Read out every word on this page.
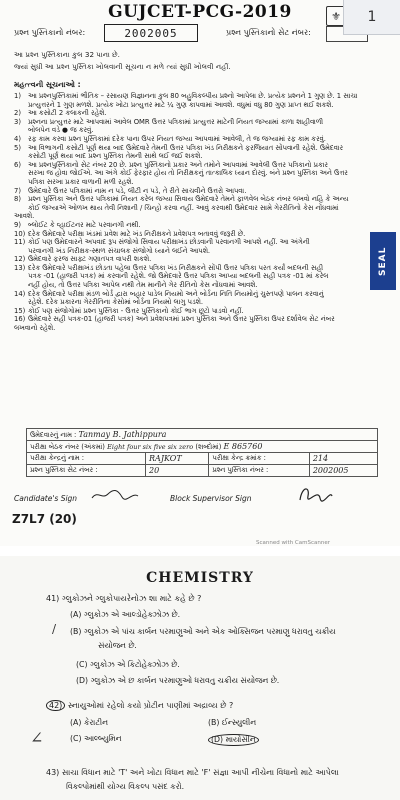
GUJCET-PCG-2019	⚜
પ્રશ્ન પુસ્તિકાનો નંબર:	2002005	પ્રશ્ન પુસ્તિકાનો સેટ નંબર:
આ પ્રશ્ન પુસ્તિકાના કુલ 32 પાના છે.
જ્યાં સુધી આ પ્રશ્ન પુસ્તિકા ખોલવાની સૂચના ન મળે ત્યાં સુધી ખોલવી નહીં.
મહત્ત્વની સૂચનાઓ :
1) આ પ્રશ્નપુસ્તિકામાં ભૌતિક – રસાયણ વિજ્ઞાનના કુલ 80 બહુવિકલ્પીય પ્રશ્નો આપેલા છે. પ્રત્યેક પ્રશ્નને 1 ગુણ છે. 1 સાચા
પ્રત્યુત્તરને 1 ગુણ મળશે. પ્રત્યેક ખોટા પ્રત્યુત્તર માટે ¼ ગુણ કાપવામાં આવશે. વધુમાં વધુ 80 ગુણ પ્રાપ્ત થઈ શકશે.
2) આ કસોટી 2 કલાકની રહેશે.
3) પ્રશ્નના પ્રત્યુત્તર માટે આપવામાં આવેલ OMR ઉત્તર પત્રિકામાં પ્રત્યુત્તર માટેની નિયત જગ્યામાં કાળા શાહીવાળી
બોલપેન વડે ● જ કરવું.
4) રફ કામ કરવા પ્રશ્ન પુસ્તિકામાં દરેક પાના ઉપર નિયત જગ્યા આપવામાં આવેલી, તે જ જગ્યામાં રફ કામ કરવું.
5) આ વિભાગની કસોટી પૂર્ણ થયા બાદ ઉમેદવારે તેમની ઉત્તર પત્રિકા ખંડ નિરીક્ષકને ફરજિયાત સોંપવાની રહેશે. ઉમેદવાર
કસોટી પૂર્ણ થયા બાદ પ્રશ્ન પુસ્તિકા તેમની સાથે લઈ જઈ શકશે.
6) આ પ્રશ્નપુસ્તિકાનો સેટ નંબર 20 છે. પ્રશ્ન પુસ્તિકાનો પ્રકાર અને તમોને આપવામાં આવેલી ઉત્તર પત્રિકાનો પ્રકાર
સરખા જ હોવા જોઈએ. આ અંગે કોઈ ફેરફાર હોય તો નિરીક્ષકનું તાત્કાલિક ધ્યાન દોરવું. બંને પ્રશ્ન પુસ્તિકા અને ઉત્તર
પત્રિકા સરખા પ્રકાર વાળાની મળી રહશે.
7) ઉમેદવારે ઉત્તર પત્રિકામાં નામ ન પડે, લીટી ન પડે, તે રીતે સાચવીને ઉત્તરો આપવા.
8) પ્રશ્ન પુસ્તિકા અને ઉત્તર પત્રિકામાં નિયત કરેલ જગ્યા સિવાય ઉમેદવારે તેમને ફાળવેલ બેઠક નંબર લખવો નહિ કે અન્ય
કોઈ જગ્યાએ ઓળખ થાય તેવી નિશાની / ચિન્હો કરવા નહીં. આવું કરવાથી ઉમેદવાર સામે ગેરરીતિનો કેસ નોંધવામાં આવશે.
9) બ્લોઈટ કે વ્હાઈટનર માટે પરવાનગી નથી.
10) દરેક ઉમેદવારે પરીક્ષા ખંડમાં પ્રવેશ માટે ખંડ નિરીક્ષકને પ્રવેશપત્ર બતાવવું જરૂરી છે.
11) કોઈ પણ ઉમેદવારને અપવાદ રૂપ સંજોગો સિવાય પરીક્ષાખંડ છોડવાની પરવાનગી આપશે નહીં. આ અંગેની
પરવાનગી ખંડ નિરીક્ષક-સ્થળ સંચાલક સંજોગો ધ્યાને લઈને આપશે.
12) ઉમેદવારે ફરજ સાફ્ટ ગણાતપત્ર વાપરી શકશે.
13) દરેક ઉમેદવારે પરીક્ષાખંડ છોડતા પહેલા ઉત્તર પત્રિકા ખંડ નિરીક્ષકને સોંપી ઉત્તર પત્રિકા પરત કર્યાં બદલની સહી
પત્રક -01 (હાજરી પત્રક) માં કરવાની રહેશે. જો ઉમેદવારે ઉત્તર પત્રિકા આપ્યા બદલની સહી પત્રક -01 માં કરેલ
નહીં હોય, તો ઉત્તર પત્રિકા આપેલ નથી તેમ માનીને ગેર રીતિનો કેસ નોંધવામાં આવશે.
14) દરેક ઉમેદવારે પરીક્ષા મંડળ બોર્ડ દ્વારા બહાર પાડેલ નિયમો અને બોર્ડના નિતિ નિયમોનું ચુસ્તપણે પાલન કરવાનું
રહેશે. દરેક પ્રકારના ગેરરીતિના કેસોમાં બોર્ડના નિયમો લાગુ પડશે.
15) કોઈ પણ સંજોગોમાં પ્રશ્ન પુસ્તિકા - ઉત્તર પુસ્તિકાનો કોઈ ભાગ છૂટો પાડવો નહીં.
16) ઉમેદવારે સહી પત્રક-01 (હાજરી પત્રક) અને પ્રવેશપત્રમાં પ્રશ્ન પુસ્તિકા અને ઉત્તર પુસ્તિકા ઉપર દર્શાવેલ સેટ નંબર લખવાનો રહેશે.
SEAL
ઉમેદવારનું નામ : Tanmay B. Jathippura			
પરીક્ષા બેઠક નંબર (અંકમાં) Eight four six five six zero (શબ્દોમાં) E 865760			
પરીક્ષા કેન્દ્રનું નામ :	RAJKOT	પરીક્ષા કેન્દ્ર ક્રમાંક :	214
પ્રશ્ન પુસ્તિકા સેટ નંબર :	20	પ્રશ્ન પુસ્તિકા નંબર :	2002005
Candidate's Sign	Block Supervisor Sign
Z7L7 (20)
Scanned with CamScanner
1
CHEMISTRY
41) ગ્લુકોઝને ગ્લુકોપાયરેનોઝ શા માટે કહે છે ?
(A) ગ્લુકોઝ એ આલ્ડોહેક્ઝોઝ છે.
/ (B) ગ્લુકોઝ એ પાંચ કાર્બન પરમાણુઓ અને એક ઓક્સિજન પરમાણુ ધરાવતુ ચક્રીય
સંયોજન છે.
(C) ગ્લુકોઝ એ કિટોહેક્ઝોઝ છે.
(D) ગ્લુકોઝ એ છ કાર્બન પરમાણુઓ ધરાવતુ ચક્રીય સંયોજન છે.
42) સ્નાયુઓમાં રહેલો કયો પ્રોટીન પાણીમાં અદ્રાવ્ય છે ?
(A) કેરાટીન	(B) ઈન્સ્યુલીન
∠	(C) આલ્બ્યુમિન	(D) માયોસીન
43) સાચા વિધાન માટે 'T' અને ખોટા વિધાન માટે 'F' સંજ્ઞા આપી નીચેના વિધાનો માટે આપેલા
વિકલ્પોમાંથી યોગ્ય વિકલ્પ પસંદ કરો.
